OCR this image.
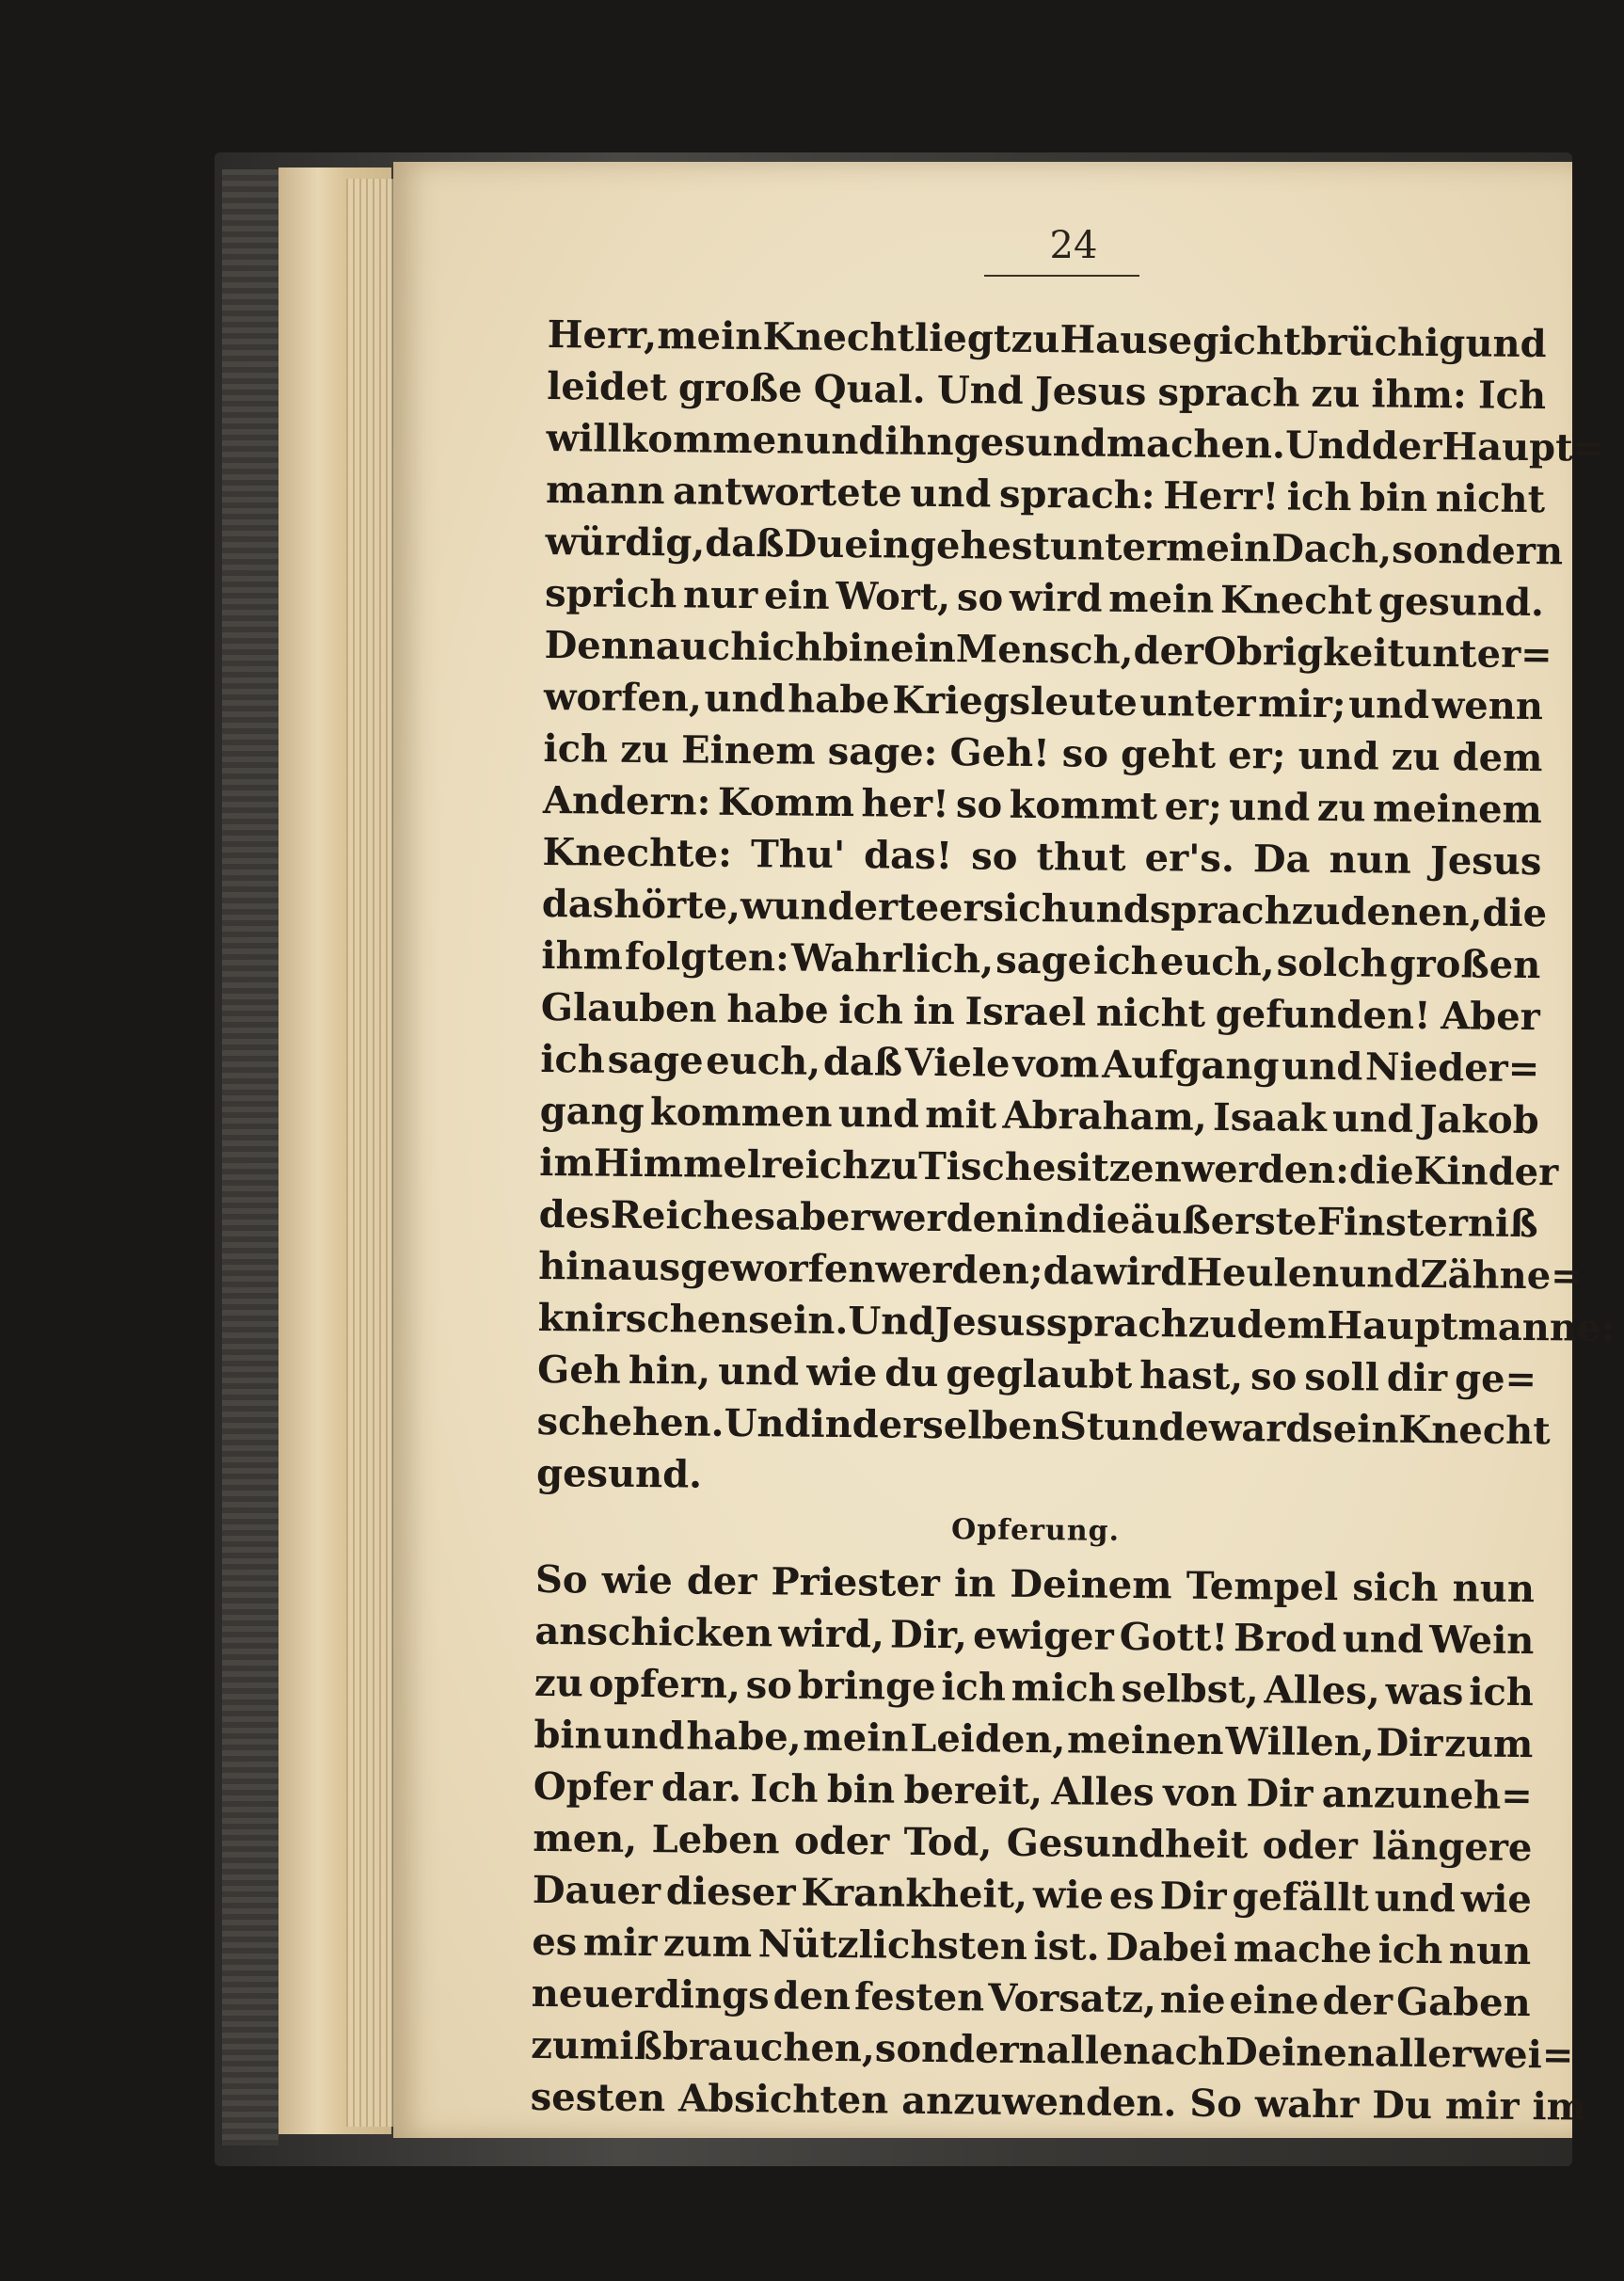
24
Herr, mein Knecht liegt zu Hause gichtbrüchig und
leidet große Qual. Und Jesus sprach zu ihm: Ich
will kommen und ihn gesund machen. Und der Haupt=
mann antwortete und sprach: Herr! ich bin nicht
würdig, daß Du eingehest unter mein Dach, sondern
sprich nur ein Wort, so wird mein Knecht gesund.
Denn auch ich bin ein Mensch, der Obrigkeit unter=
worfen, und habe Kriegsleute unter mir; und wenn
ich zu Einem sage: Geh! so geht er; und zu dem
Andern: Komm her! so kommt er; und zu meinem
Knechte: Thu' das! so thut er's. Da nun Jesus
das hörte, wunderte er sich und sprach zu denen, die
ihm folgten: Wahrlich, sage ich euch, solch großen
Glauben habe ich in Israel nicht gefunden! Aber
ich sage euch, daß Viele vom Aufgang und Nieder=
gang kommen und mit Abraham, Isaak und Jakob
im Himmelreich zu Tische sitzen werden: die Kinder
des Reiches aber werden in die äußerste Finsterniß
hinausgeworfen werden; da wird Heulen und Zähne=
knirschen sein. Und Jesus sprach zu dem Hauptmanne:
Geh hin, und wie du geglaubt hast, so soll dir ge=
schehen. Und in derselben Stunde ward sein Knecht
gesund.
Opferung.
So wie der Priester in Deinem Tempel sich nun
anschicken wird, Dir, ewiger Gott! Brod und Wein
zu opfern, so bringe ich mich selbst, Alles, was ich
bin und habe, mein Leiden, meinen Willen, Dir zum
Opfer dar. Ich bin bereit, Alles von Dir anzuneh=
men, Leben oder Tod, Gesundheit oder längere
Dauer dieser Krankheit, wie es Dir gefällt und wie
es mir zum Nützlichsten ist. Dabei mache ich nun
neuerdings den festen Vorsatz, nie eine der Gaben
zu mißbrauchen, sondern alle nach Deinen allerwei=
sesten Absichten anzuwenden. So wahr Du mir im
